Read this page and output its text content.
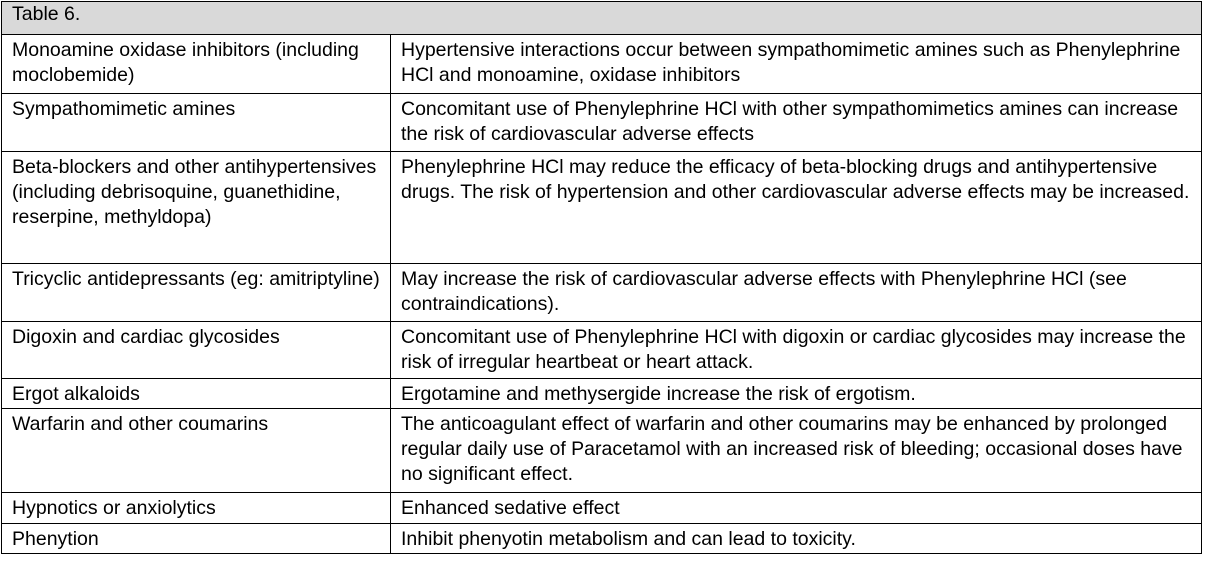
Table 6.	
Monoamine oxidase inhibitors (including moclobemide)	Hypertensive interactions occur between sympathomimetic amines such as Phenylephrine HCl and monoamine, oxidase inhibitors
Sympathomimetic amines	Concomitant use of Phenylephrine HCl with other sympathomimetics amines can increase the risk of cardiovascular adverse effects
Beta-blockers and other antihypertensives (including debrisoquine, guanethidine, reserpine, methyldopa)	Phenylephrine HCl may reduce the efficacy of beta-blocking drugs and antihypertensive drugs. The risk of hypertension and other cardiovascular adverse effects may be increased.
Tricyclic antidepressants (eg: amitriptyline)	May increase the risk of cardiovascular adverse effects with Phenylephrine HCl (see contraindications).
Digoxin and cardiac glycosides	Concomitant use of Phenylephrine HCl with digoxin or cardiac glycosides may increase the risk of irregular heartbeat or heart attack.
Ergot alkaloids	Ergotamine and methysergide increase the risk of ergotism.
Warfarin and other coumarins	The anticoagulant effect of warfarin and other coumarins may be enhanced by prolonged regular daily use of Paracetamol with an increased risk of bleeding; occasional doses have no significant effect.
Hypnotics or anxiolytics	Enhanced sedative effect
Phenytion	Inhibit phenyotin metabolism and can lead to toxicity.
